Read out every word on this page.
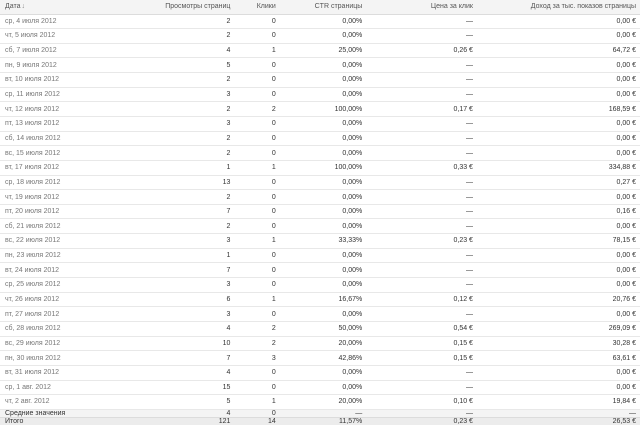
Дата↓	Просмотры страниц	Клики	CTR страницы	Цена за клик	Доход за тыс. показов страницы
ср, 4 июля 2012	2	0	0,00%	—	0,00 €
чт, 5 июля 2012	2	0	0,00%	—	0,00 €
сб, 7 июля 2012	4	1	25,00%	0,26 €	64,72 €
пн, 9 июля 2012	5	0	0,00%	—	0,00 €
вт, 10 июля 2012	2	0	0,00%	—	0,00 €
ср, 11 июля 2012	3	0	0,00%	—	0,00 €
чт, 12 июля 2012	2	2	100,00%	0,17 €	168,59 €
пт, 13 июля 2012	3	0	0,00%	—	0,00 €
сб, 14 июля 2012	2	0	0,00%	—	0,00 €
вс, 15 июля 2012	2	0	0,00%	—	0,00 €
вт, 17 июля 2012	1	1	100,00%	0,33 €	334,88 €
ср, 18 июля 2012	13	0	0,00%	—	0,27 €
чт, 19 июля 2012	2	0	0,00%	—	0,00 €
пт, 20 июля 2012	7	0	0,00%	—	0,16 €
сб, 21 июля 2012	2	0	0,00%	—	0,00 €
вс, 22 июля 2012	3	1	33,33%	0,23 €	78,15 €
пн, 23 июля 2012	1	0	0,00%	—	0,00 €
вт, 24 июля 2012	7	0	0,00%	—	0,00 €
ср, 25 июля 2012	3	0	0,00%	—	0,00 €
чт, 26 июля 2012	6	1	16,67%	0,12 €	20,76 €
пт, 27 июля 2012	3	0	0,00%	—	0,00 €
сб, 28 июля 2012	4	2	50,00%	0,54 €	269,09 €
вс, 29 июля 2012	10	2	20,00%	0,15 €	30,28 €
пн, 30 июля 2012	7	3	42,86%	0,15 €	63,61 €
вт, 31 июля 2012	4	0	0,00%	—	0,00 €
ср, 1 авг. 2012	15	0	0,00%	—	0,00 €
чт, 2 авг. 2012	5	1	20,00%	0,10 €	19,84 €
Средние значения	4	0	—	—	—
Итого	121	14	11,57%	0,23 €	26,53 €
